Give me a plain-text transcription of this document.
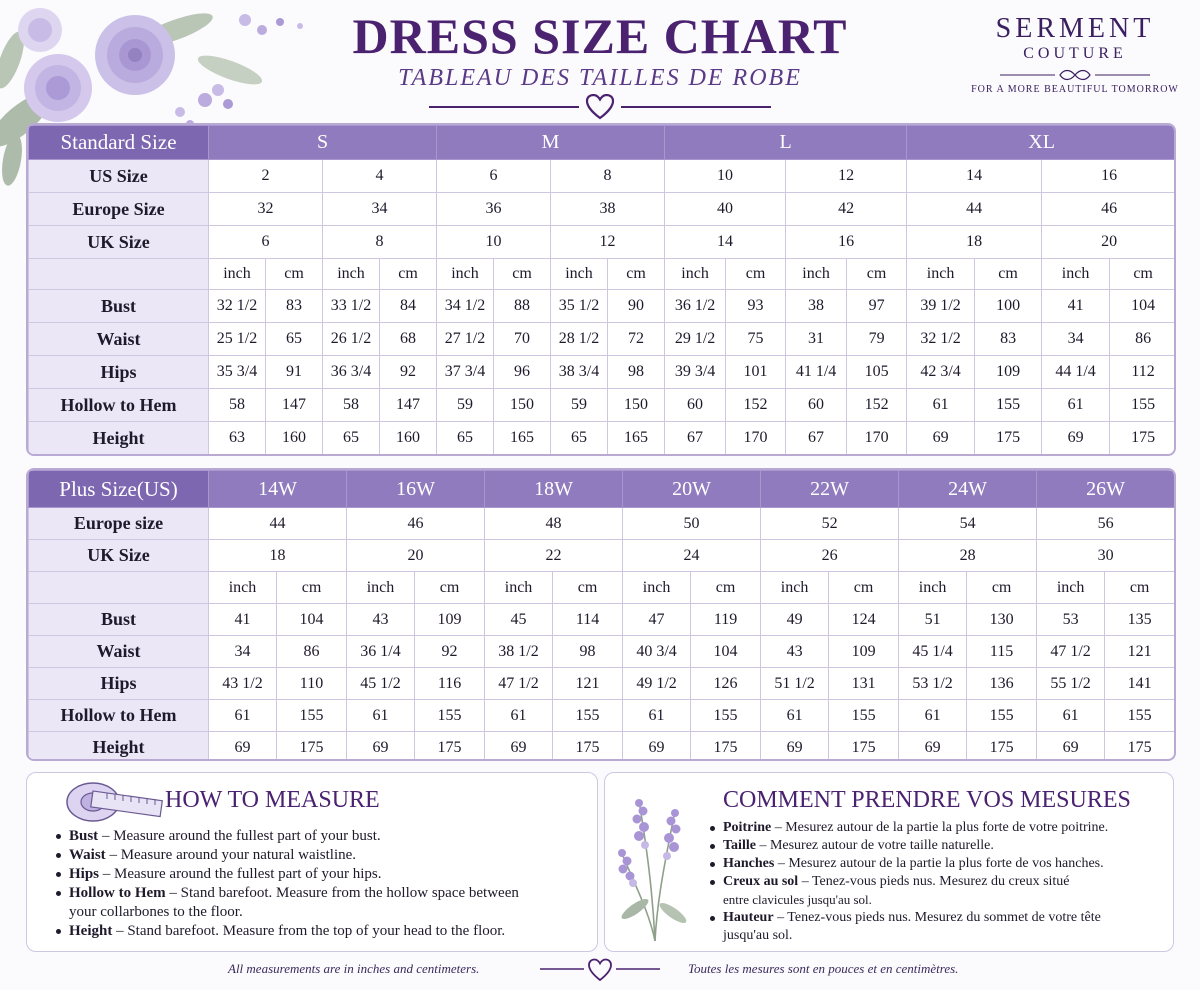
DRESS SIZE CHART
TABLEAU DES TAILLES DE ROBE
SERMENT
COUTURE
FOR A MORE BEAUTIFUL TOMORROW
Standard Size	S				M				L				XL			
US Size	2		4		6		8		10		12		14		16	
Europe Size	32		34		36		38		40		42		44		46	
UK Size	6		8		10		12		14		16		18		20	
	inch	cm	inch	cm	inch	cm	inch	cm	inch	cm	inch	cm	inch	cm	inch	cm
Bust	32 1/2	83	33 1/2	84	34 1/2	88	35 1/2	90	36 1/2	93	38	97	39 1/2	100	41	104
Waist	25 1/2	65	26 1/2	68	27 1/2	70	28 1/2	72	29 1/2	75	31	79	32 1/2	83	34	86
Hips	35 3/4	91	36 3/4	92	37 3/4	96	38 3/4	98	39 3/4	101	41 1/4	105	42 3/4	109	44 1/4	112
Hollow to Hem	58	147	58	147	59	150	59	150	60	152	60	152	61	155	61	155
Height	63	160	65	160	65	165	65	165	67	170	67	170	69	175	69	175
Plus Size(US)	14W		16W		18W		20W		22W		24W		26W	
Europe size	44		46		48		50		52		54		56	
UK Size	18		20		22		24		26		28		30	
	inch	cm	inch	cm	inch	cm	inch	cm	inch	cm	inch	cm	inch	cm
Bust	41	104	43	109	45	114	47	119	49	124	51	130	53	135
Waist	34	86	36 1/4	92	38 1/2	98	40 3/4	104	43	109	45 1/4	115	47 1/2	121
Hips	43 1/2	110	45 1/2	116	47 1/2	121	49 1/2	126	51 1/2	131	53 1/2	136	55 1/2	141
Hollow to Hem	61	155	61	155	61	155	61	155	61	155	61	155	61	155
Height	69	175	69	175	69	175	69	175	69	175	69	175	69	175
HOW TO MEASURE
Bust – Measure around the fullest part of your bust.
Waist – Measure around your natural waistline.
Hips – Measure around the fullest part of your hips.
Hollow to Hem – Stand barefoot. Measure from the hollow space between
your collarbones to the floor.
Height – Stand barefoot. Measure from the top of your head to the floor.
COMMENT PRENDRE VOS MESURES
Poitrine – Mesurez autour de la partie la plus forte de votre poitrine.
Taille – Mesurez autour de votre taille naturelle.
Hanches – Mesurez autour de la partie la plus forte de vos hanches.
Creux au sol – Tenez-vous pieds nus. Mesurez du creux situé
entre clavicules jusqu'au sol.
Hauteur – Tenez-vous pieds nus. Mesurez du sommet de votre tête
jusqu'au sol.
All measurements are in inches and centimeters.	Toutes les mesures sont en pouces et en centimètres.
